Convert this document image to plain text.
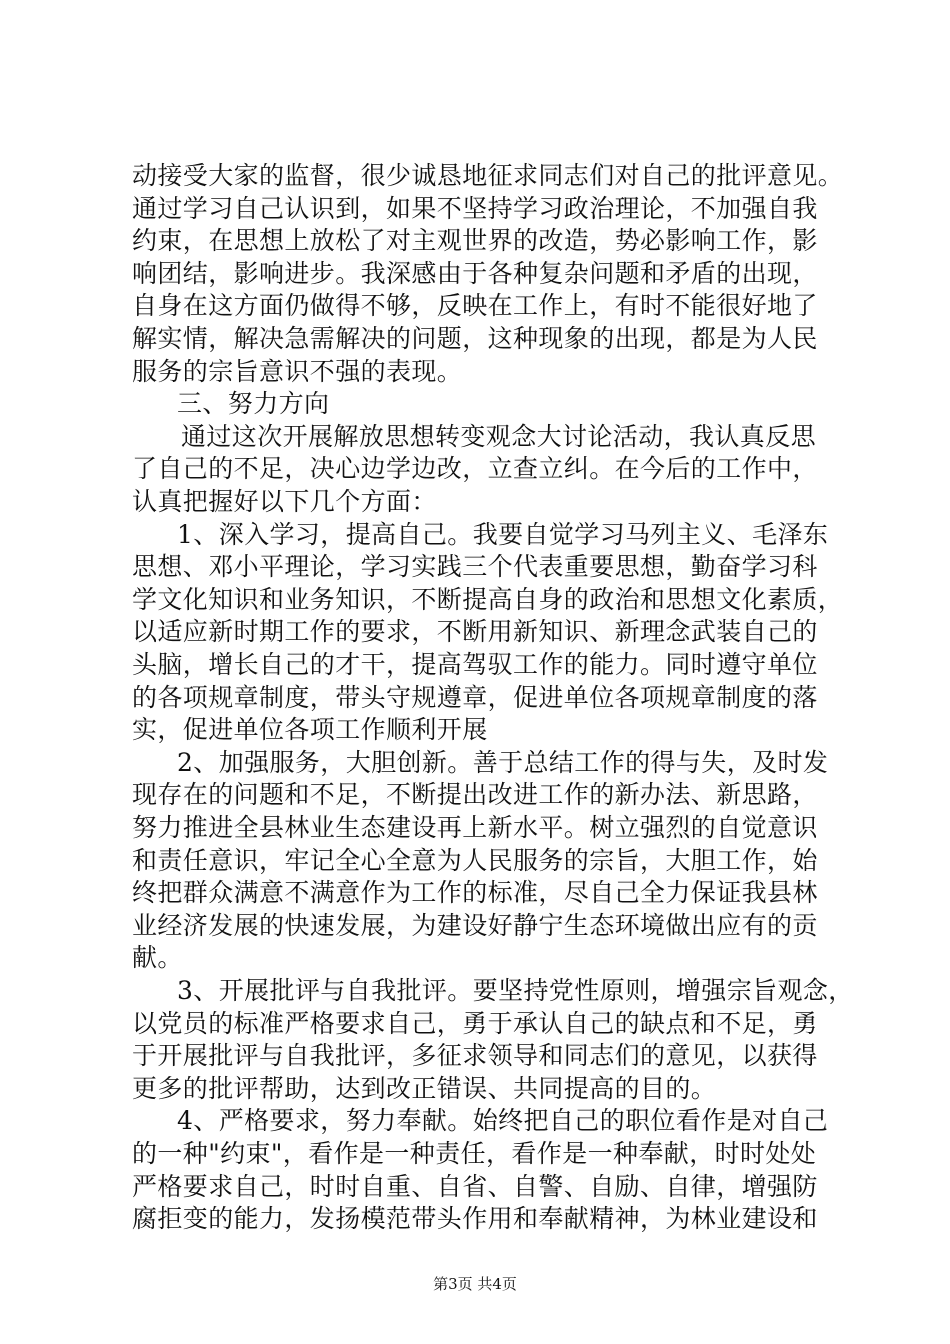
动接受大家的监督，很少诚恳地征求同志们对自己的批评意见。
通过学习自己认识到，如果不坚持学习政治理论，不加强自我
约束，在思想上放松了对主观世界的改造，势必影响工作，影
响团结，影响进步。我深感由于各种复杂问题和矛盾的出现，
自身在这方面仍做得不够，反映在工作上，有时不能很好地了
解实情，解决急需解决的问题，这种现象的出现，都是为人民
服务的宗旨意识不强的表现。
三、努力方向
通过这次开展解放思想转变观念大讨论活动，我认真反思
了自己的不足，决心边学边改，立查立纠。在今后的工作中，
认真把握好以下几个方面：
1、深入学习，提高自己。我要自觉学习马列主义、毛泽东
思想、邓小平理论，学习实践三个代表重要思想，勤奋学习科
学文化知识和业务知识，不断提高自身的政治和思想文化素质，
以适应新时期工作的要求，不断用新知识、新理念武装自己的
头脑，增长自己的才干，提高驾驭工作的能力。同时遵守单位
的各项规章制度，带头守规遵章，促进单位各项规章制度的落
实，促进单位各项工作顺利开展
2、加强服务，大胆创新。善于总结工作的得与失，及时发
现存在的问题和不足，不断提出改进工作的新办法、新思路，
努力推进全县林业生态建设再上新水平。树立强烈的自觉意识
和责任意识，牢记全心全意为人民服务的宗旨，大胆工作，始
终把群众满意不满意作为工作的标准，尽自己全力保证我县林
业经济发展的快速发展，为建设好静宁生态环境做出应有的贡
献。
3、开展批评与自我批评。要坚持党性原则，增强宗旨观念，
以党员的标准严格要求自己，勇于承认自己的缺点和不足，勇
于开展批评与自我批评，多征求领导和同志们的意见，以获得
更多的批评帮助，达到改正错误、共同提高的目的。
4、严格要求，努力奉献。始终把自己的职位看作是对自己
的一种"约束"，看作是一种责任，看作是一种奉献，时时处处
严格要求自己，时时自重、自省、自警、自励、自律，增强防
腐拒变的能力，发扬模范带头作用和奉献精神，为林业建设和
第3页 共4页
